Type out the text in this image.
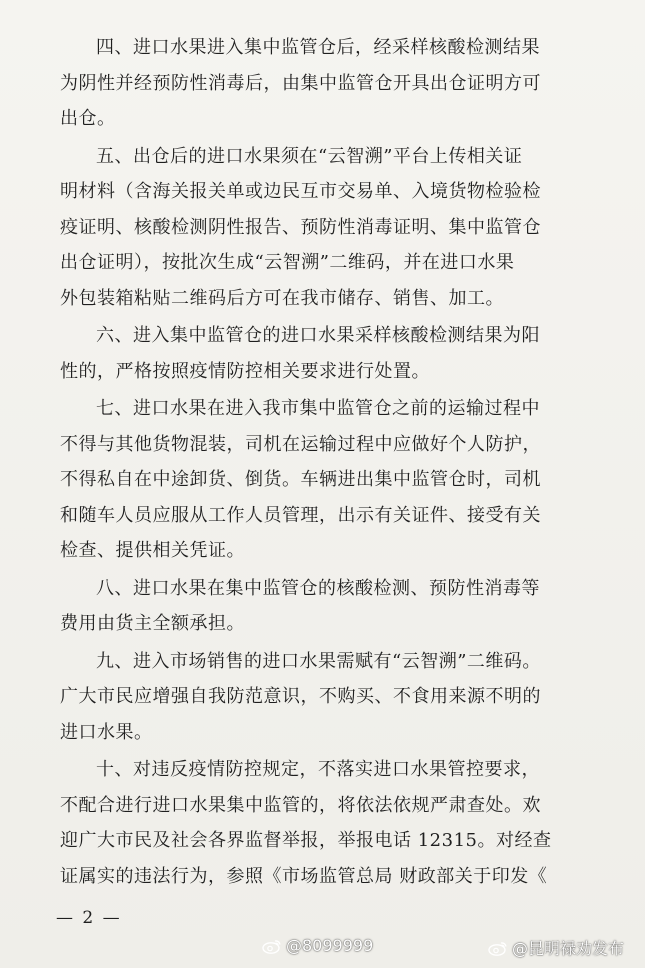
四、进口水果进入集中监管仓后，经采样核酸检测结果
为阴性并经预防性消毒后，由集中监管仓开具出仓证明方可
出仓。

五、出仓后的进口水果须在“云智溯”平台上传相关证
明材料（含海关报关单或边民互市交易单、入境货物检验检
疫证明、核酸检测阴性报告、预防性消毒证明、集中监管仓
出仓证明），按批次生成“云智溯”二维码，并在进口水果
外包装箱粘贴二维码后方可在我市储存、销售、加工。

六、进入集中监管仓的进口水果采样核酸检测结果为阳
性的，严格按照疫情防控相关要求进行处置。

七、进口水果在进入我市集中监管仓之前的运输过程中
不得与其他货物混装，司机在运输过程中应做好个人防护，
不得私自在中途卸货、倒货。车辆进出集中监管仓时，司机
和随车人员应服从工作人员管理，出示有关证件、接受有关
检查、提供相关凭证。

八、进口水果在集中监管仓的核酸检测、预防性消毒等
费用由货主全额承担。

九、进入市场销售的进口水果需赋有“云智溯”二维码。
广大市民应增强自我防范意识，不购买、不食用来源不明的
进口水果。

十、对违反疫情防控规定，不落实进口水果管控要求，
不配合进行进口水果集中监管的，将依法依规严肃查处。欢
迎广大市民及社会各界监督举报，举报电话 12315。对经查
证属实的违法行为，参照《市场监管总局 财政部关于印发《

— 2 —
@8099999	@昆明禄劝发布
